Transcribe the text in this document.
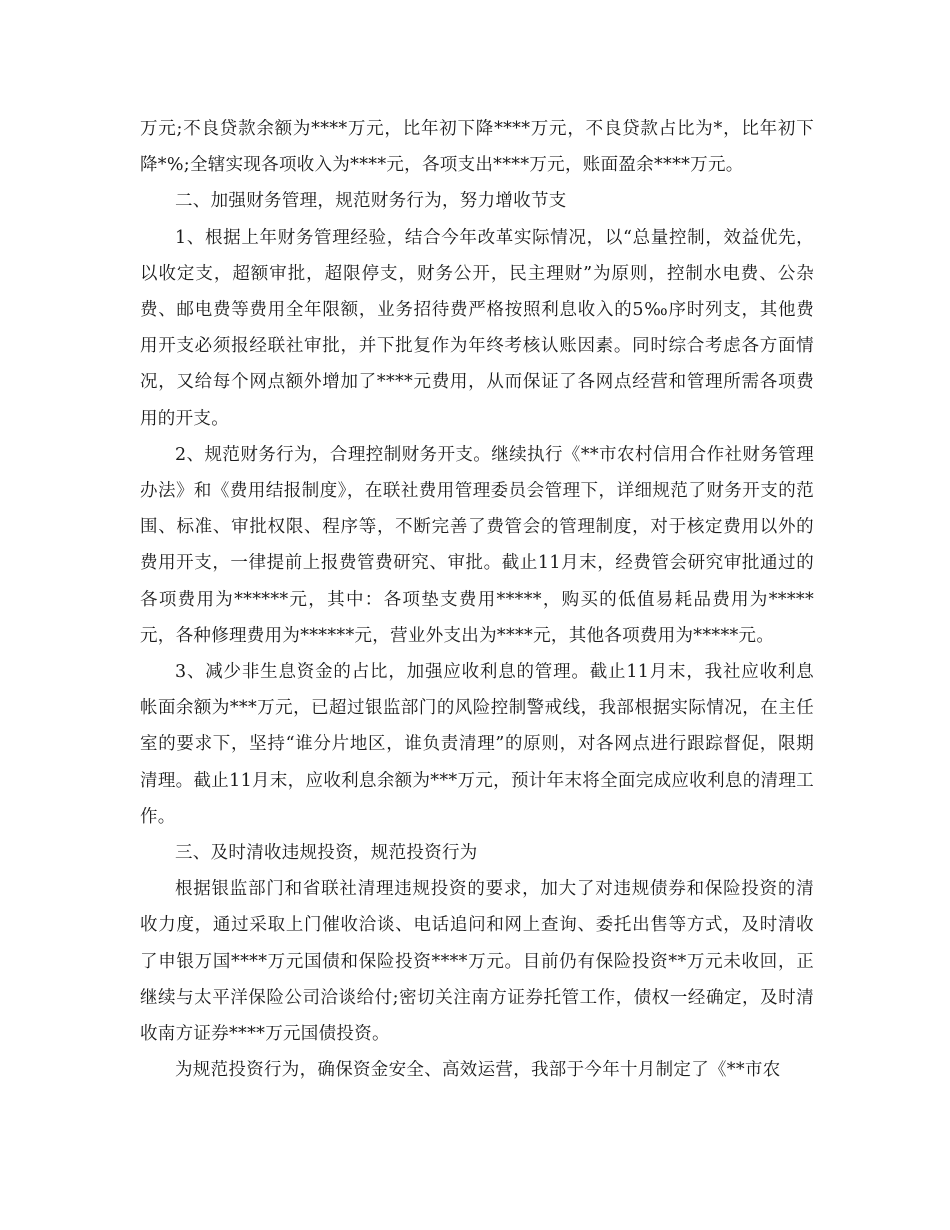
万元;不良贷款余额为****万元，比年初下降****万元，不良贷款占比为*，比年初下降*%;全辖实现各项收入为****元，各项支出****万元，账面盈余****万元。

二、加强财务管理，规范财务行为，努力增收节支

1、根据上年财务管理经验，结合今年改革实际情况，以“总量控制，效益优先，以收定支，超额审批，超限停支，财务公开，民主理财”为原则，控制水电费、公杂费、邮电费等费用全年限额，业务招待费严格按照利息收入的5‰序时列支，其他费用开支必须报经联社审批，并下批复作为年终考核认账因素。同时综合考虑各方面情况，又给每个网点额外增加了****元费用，从而保证了各网点经营和管理所需各项费用的开支。

2、规范财务行为，合理控制财务开支。继续执行《**市农村信用合作社财务管理办法》和《费用结报制度》，在联社费用管理委员会管理下，详细规范了财务开支的范围、标准、审批权限、程序等，不断完善了费管会的管理制度，对于核定费用以外的费用开支，一律提前上报费管费研究、审批。截止11月末，经费管会研究审批通过的各项费用为******元，其中：各项垫支费用*****，购买的低值易耗品费用为*****元，各种修理费用为******元，营业外支出为****元，其他各项费用为*****元。

3、减少非生息资金的占比，加强应收利息的管理。截止11月末，我社应收利息帐面余额为***万元，已超过银监部门的风险控制警戒线，我部根据实际情况，在主任室的要求下，坚持“谁分片地区，谁负责清理”的原则，对各网点进行跟踪督促，限期清理。截止11月末，应收利息余额为***万元，预计年末将全面完成应收利息的清理工作。

三、及时清收违规投资，规范投资行为

根据银监部门和省联社清理违规投资的要求，加大了对违规债券和保险投资的清收力度，通过采取上门催收洽谈、电话追问和网上查询、委托出售等方式，及时清收了申银万国****万元国债和保险投资****万元。目前仍有保险投资**万元未收回，正继续与太平洋保险公司洽谈给付;密切关注南方证券托管工作，债权一经确定，及时清收南方证券****万元国债投资。

为规范投资行为，确保资金安全、高效运营，我部于今年十月制定了《**市农
